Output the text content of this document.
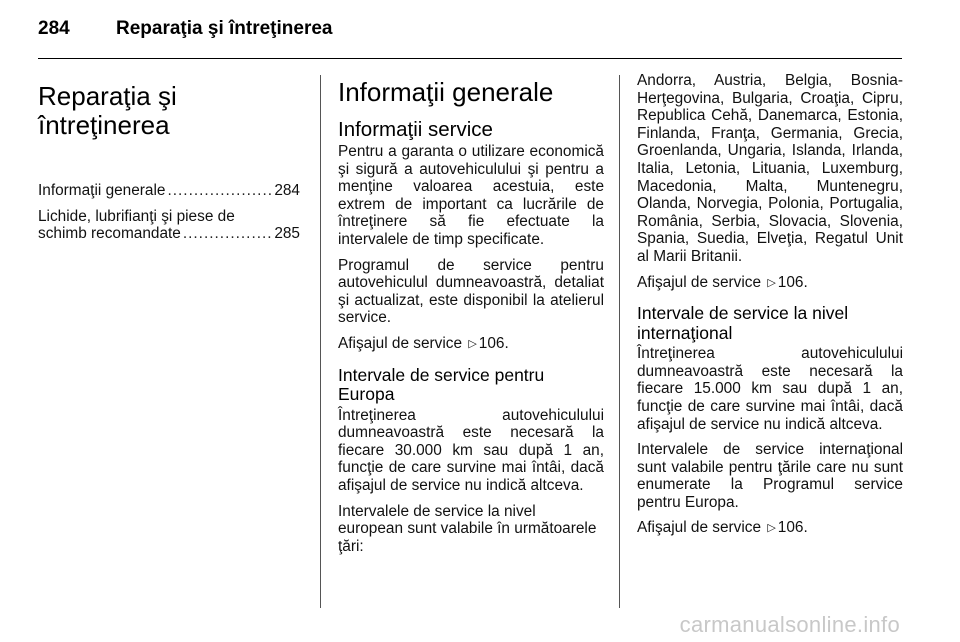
284	Reparaţia şi întreţinerea
Reparaţia şi
întreţinerea
Informaţii generale .....	284
Lichide, lubrifianţi şi piese de
schimb recomandate .....	285
Informaţii generale
Informaţii service

Pentru a garanta o utilizare economică şi sigură a autovehiculului şi pentru a menţine valoarea acestuia, este extrem de important ca lucrările de întreţinere să fie efectuate la intervalele de timp specificate.

Programul de service pentru autovehiculul dumneavoastră, detaliat şi actualizat, este disponibil la atelierul service.

Afişajul de service ▷ 106.

Intervale de service pentru Europa

Întreţinerea autovehiculului dumneavoastră este necesară la fiecare 30.000 km sau după 1 an, funcţie de care survine mai întâi, dacă afişajul de service nu indică altceva.

Intervalele de service la nivel european sunt valabile în următoarele ţări:

Andorra, Austria, Belgia, Bosnia-Herţegovina, Bulgaria, Croaţia, Cipru, Republica Cehă, Danemarca, Estonia, Finlanda, Franţa, Germania, Grecia, Groenlanda, Ungaria, Islanda, Irlanda, Italia, Letonia, Lituania, Luxemburg, Macedonia, Malta, Muntenegru, Olanda, Norvegia, Polonia, Portugalia, România, Serbia, Slovacia, Slovenia, Spania, Suedia, Elveţia, Regatul Unit al Marii Britanii.

Afişajul de service ▷ 106.

Intervale de service la nivel internaţional

Întreţinerea autovehiculului dumneavoastră este necesară la fiecare 15.000 km sau după 1 an, funcţie de care survine mai întâi, dacă afişajul de service nu indică altceva.

Intervalele de service internaţional sunt valabile pentru ţările care nu sunt enumerate la Programul service pentru Europa.

Afişajul de service ▷ 106.

carmanualsonline.info
